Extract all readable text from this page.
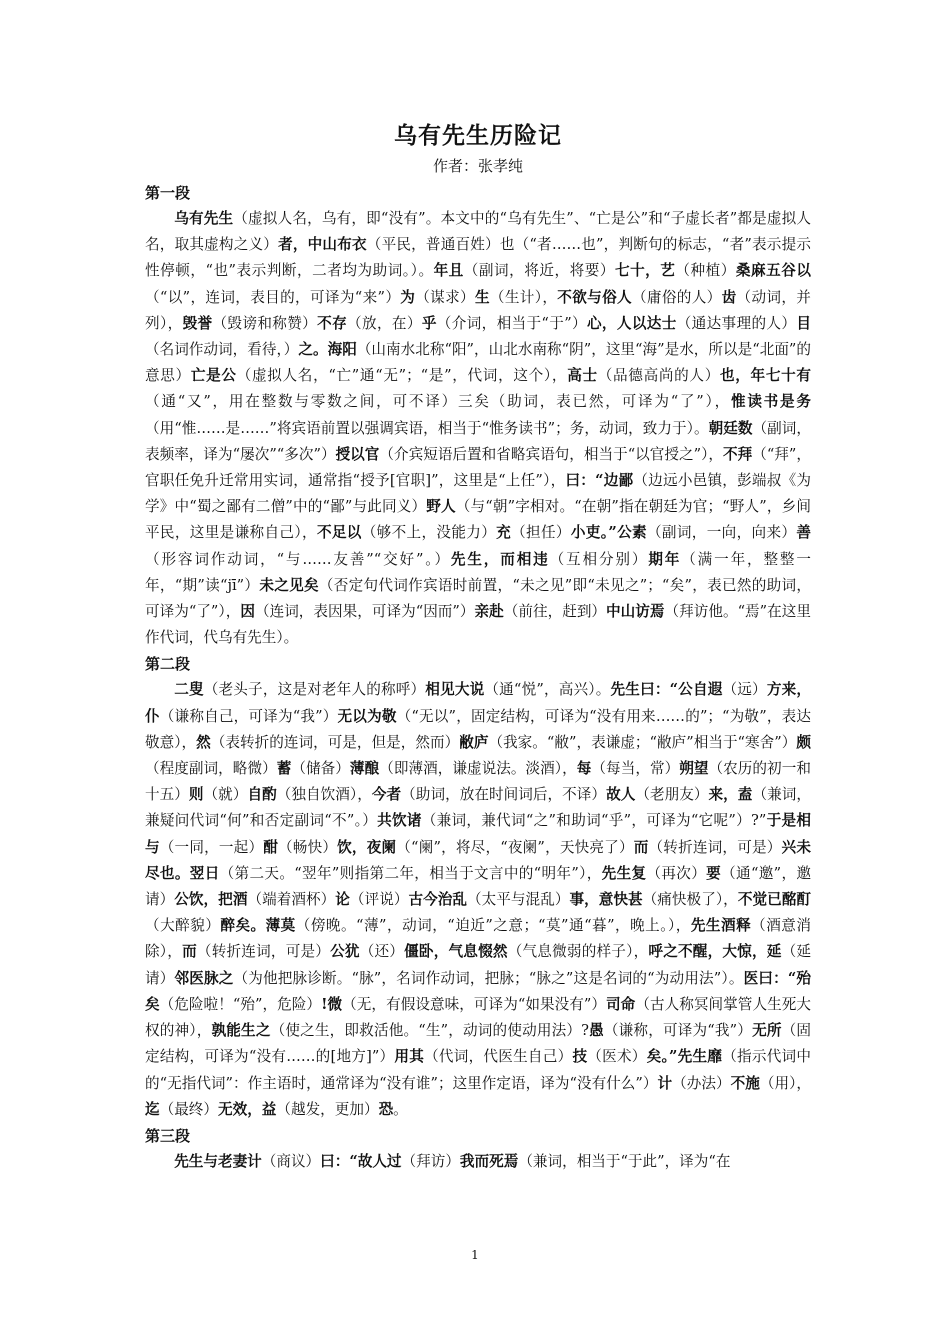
乌有先生历险记
作者：张孝纯
第一段

乌有先生（虚拟人名，乌有，即“没有”。本文中的“乌有先生”、“亡是公”和“子虚长者”都是虚拟人名，取其虚构之义）者，中山布衣（平民，普通百姓）也（“者……也”，判断句的标志，“者”表示提示性停顿，“也”表示判断，二者均为助词。）。年且（副词，将近，将要）七十，艺（种植）桑麻五谷以（“以”，连词，表目的，可译为“来”）为（谋求）生（生计），不欲与俗人（庸俗的人）齿（动词，并列），毁誉（毁谤和称赞）不存（放，在）乎（介词，相当于“于”）心，人以达士（通达事理的人）目（名词作动词，看待，）之。海阳（山南水北称“阳”，山北水南称“阴”，这里“海”是水，所以是“北面”的意思）亡是公（虚拟人名，“亡”通“无”；“是”，代词，这个），高士（品德高尚的人）也，年七十有（通“又”，用在整数与零数之间，可不译）三矣（助词，表已然，可译为“了”），惟读书是务（用“惟……是……”将宾语前置以强调宾语，相当于“惟务读书”；务，动词，致力于）。朝廷数（副词，表频率，译为“屡次”“多次”）授以官（介宾短语后置和省略宾语句，相当于“以官授之”），不拜（“拜”，官职任免升迁常用实词，通常指“授予[官职]”，这里是“上任”），曰：“边鄙（边远小邑镇，彭端叔《为学》中“蜀之鄙有二僧”中的“鄙”与此同义）野人（与“朝”字相对。“在朝”指在朝廷为官；“野人”，乡间平民，这里是谦称自己），不足以（够不上，没能力）充（担任）小吏。”公素（副词，一向，向来）善（形容词作动词，“与……友善”“交好”。）先生，而相违（互相分别）期年（满一年，整整一年，“期”读“jī”）未之见矣（否定句代词作宾语时前置，“未之见”即“未见之”；“矣”，表已然的助词，可译为“了”），因（连词，表因果，可译为“因而”）亲赴（前往，赶到）中山访焉（拜访他。“焉”在这里作代词，代乌有先生）。

第二段

二叟（老头子，这是对老年人的称呼）相见大说（通“悦”，高兴）。先生曰：“公自遐（远）方来，仆（谦称自己，可译为“我”）无以为敬（“无以”，固定结构，可译为“没有用来……的”；“为敬”，表达敬意），然（表转折的连词，可是，但是，然而）敝庐（我家。“敝”，表谦虚；“敝庐”相当于“寒舍”）颇（程度副词，略微）蓄（储备）薄酿（即薄酒，谦虚说法。淡酒），每（每当，常）朔望（农历的初一和十五）则（就）自酌（独自饮酒），今者（助词，放在时间词后，不译）故人（老朋友）来，盍（兼词，兼疑问代词“何”和否定副词“不”。）共饮诸（兼词，兼代词“之”和助词“乎”，可译为“它呢”）?”于是相与（一同，一起）酣（畅快）饮，夜阑（“阑”，将尽，“夜阑”，天快亮了）而（转折连词，可是）兴未尽也。翌日（第二天。“翌年”则指第二年，相当于文言中的“明年”），先生复（再次）要（通“邀”，邀请）公饮，把酒（端着酒杯）论（评说）古今治乱（太平与混乱）事，意快甚（痛快极了），不觉已酩酊（大醉貌）醉矣。薄莫（傍晚。“薄”，动词，“迫近”之意；“莫”通“暮”，晚上。），先生酒释（酒意消除），而（转折连词，可是）公犹（还）僵卧，气息惙然（气息微弱的样子），呼之不醒，大惊，延（延请）邻医脉之（为他把脉诊断。“脉”，名词作动词，把脉；“脉之”这是名词的“为动用法”）。医曰：“殆矣（危险啦！“殆”，危险）!微（无，有假设意味，可译为“如果没有”）司命（古人称冥间掌管人生死大权的神），孰能生之（使之生，即救活他。“生”，动词的使动用法）?愚（谦称，可译为“我”）无所（固定结构，可译为“没有……的[地方]”）用其（代词，代医生自己）技（医术）矣。”先生靡（指示代词中的“无指代词”：作主语时，通常译为“没有谁”；这里作定语，译为“没有什么”）计（办法）不施（用），迄（最终）无效，益（越发，更加）恐。

第三段

先生与老妻计（商议）曰：“故人过（拜访）我而死焉（兼词，相当于“于此”，译为“在

1
